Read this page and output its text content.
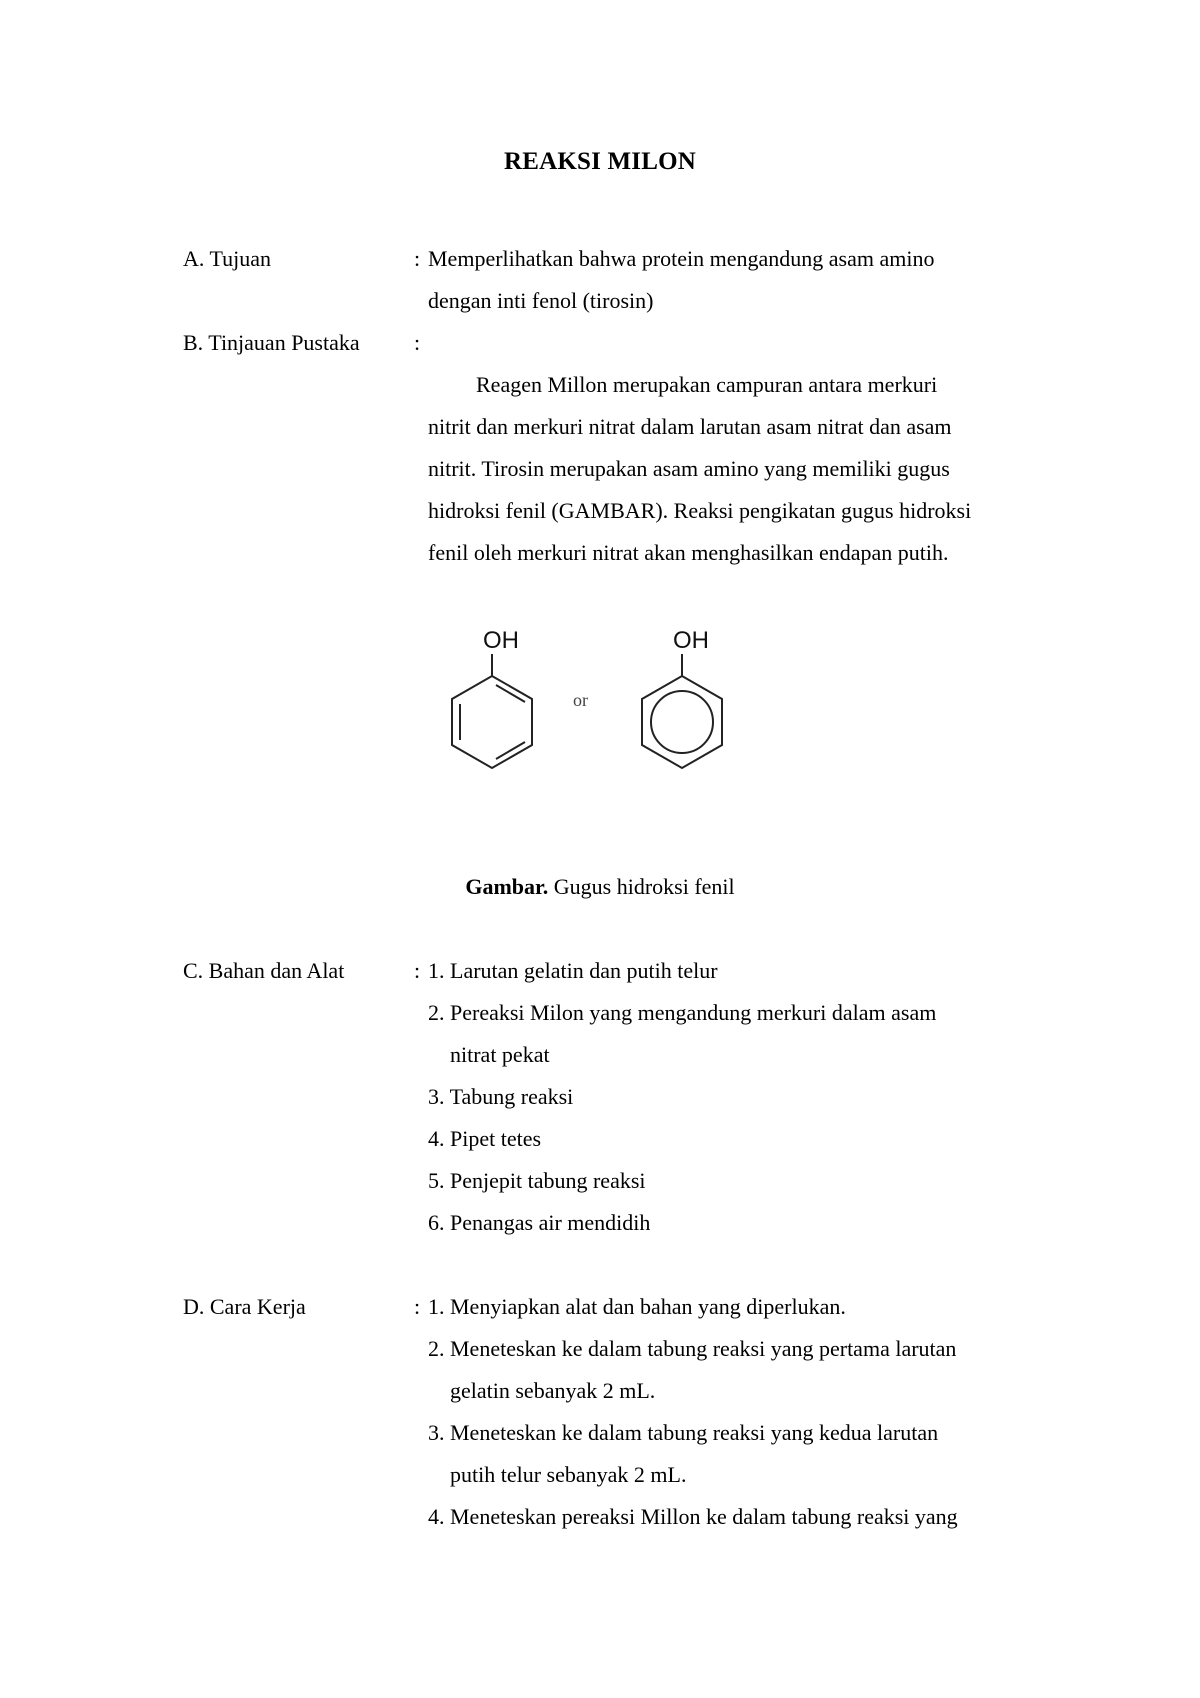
REAKSI MILON
A. Tujuan	: Memperlihatkan bahwa protein mengandung asam amino
dengan inti fenol (tirosin)
B. Tinjauan Pustaka :
Reagen Millon merupakan campuran antara merkuri
nitrit dan merkuri nitrat dalam larutan asam nitrat dan asam
nitrit. Tirosin merupakan asam amino yang memiliki gugus
hidroksi fenil (GAMBAR). Reaksi pengikatan gugus hidroksi
fenil oleh merkuri nitrat akan menghasilkan endapan putih.
OH
or
OH
Gambar. Gugus hidroksi fenil
C. Bahan dan Alat	: 1. Larutan gelatin dan putih telur
2. Pereaksi Milon yang mengandung merkuri dalam asam
nitrat pekat
3. Tabung reaksi
4. Pipet tetes
5. Penjepit tabung reaksi
6. Penangas air mendidih
D. Cara Kerja	: 1. Menyiapkan alat dan bahan yang diperlukan.
2. Meneteskan ke dalam tabung reaksi yang pertama larutan
gelatin sebanyak 2 mL.
3. Meneteskan ke dalam tabung reaksi yang kedua larutan
putih telur sebanyak 2 mL.
4. Meneteskan pereaksi Millon ke dalam tabung reaksi yang
